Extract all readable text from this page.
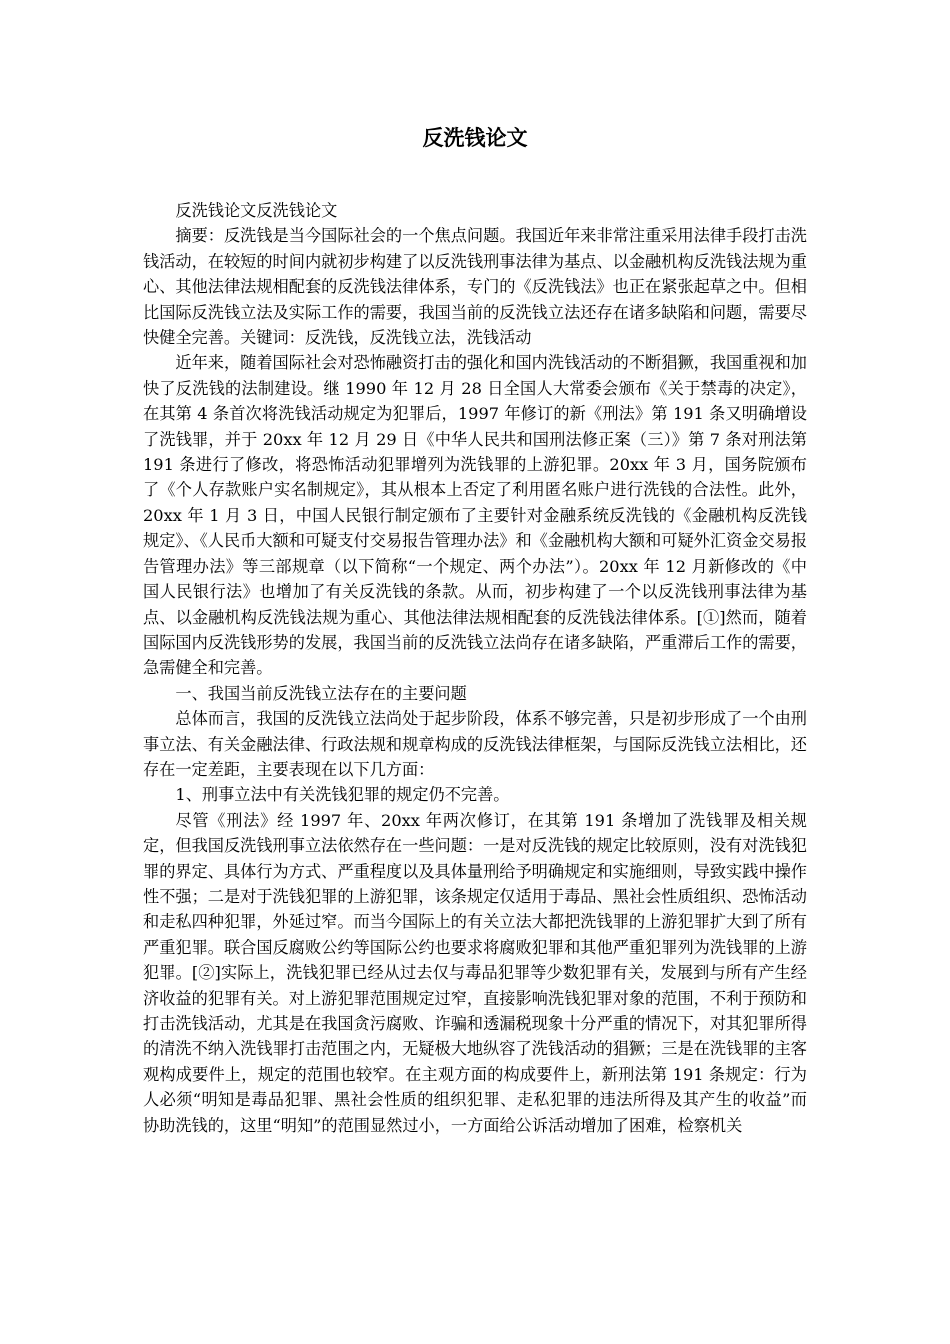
反洗钱论文

反洗钱论文反洗钱论文

摘要：反洗钱是当今国际社会的一个焦点问题。我国近年来非常注重采用法律手段打击洗钱活动，在较短的时间内就初步构建了以反洗钱刑事法律为基点、以金融机构反洗钱法规为重心、其他法律法规相配套的反洗钱法律体系，专门的《反洗钱法》也正在紧张起草之中。但相比国际反洗钱立法及实际工作的需要，我国当前的反洗钱立法还存在诸多缺陷和问题，需要尽快健全完善。关键词：反洗钱，反洗钱立法，洗钱活动

近年来，随着国际社会对恐怖融资打击的强化和国内洗钱活动的不断猖獗，我国重视和加快了反洗钱的法制建设。继 1990 年 12 月 28 日全国人大常委会颁布《关于禁毒的决定》，在其第 4 条首次将洗钱活动规定为犯罪后，1997 年修订的新《刑法》第 191 条又明确增设了洗钱罪，并于 20xx 年 12 月 29 日《中华人民共和国刑法修正案（三）》第 7 条对刑法第 191 条进行了修改，将恐怖活动犯罪增列为洗钱罪的上游犯罪。20xx 年 3 月，国务院颁布了《个人存款账户实名制规定》，其从根本上否定了利用匿名账户进行洗钱的合法性。此外，20xx 年 1 月 3 日，中国人民银行制定颁布了主要针对金融系统反洗钱的《金融机构反洗钱规定》、《人民币大额和可疑支付交易报告管理办法》和《金融机构大额和可疑外汇资金交易报告管理办法》等三部规章（以下简称“一个规定、两个办法”）。20xx 年 12 月新修改的《中国人民银行法》也增加了有关反洗钱的条款。从而，初步构建了一个以反洗钱刑事法律为基点、以金融机构反洗钱法规为重心、其他法律法规相配套的反洗钱法律体系。[①]然而，随着国际国内反洗钱形势的发展，我国当前的反洗钱立法尚存在诸多缺陷，严重滞后工作的需要，急需健全和完善。

一、我国当前反洗钱立法存在的主要问题

总体而言，我国的反洗钱立法尚处于起步阶段，体系不够完善，只是初步形成了一个由刑事立法、有关金融法律、行政法规和规章构成的反洗钱法律框架，与国际反洗钱立法相比，还存在一定差距，主要表现在以下几方面：

1、刑事立法中有关洗钱犯罪的规定仍不完善。

尽管《刑法》经 1997 年、20xx 年两次修订，在其第 191 条增加了洗钱罪及相关规定，但我国反洗钱刑事立法依然存在一些问题：一是对反洗钱的规定比较原则，没有对洗钱犯罪的界定、具体行为方式、严重程度以及具体量刑给予明确规定和实施细则，导致实践中操作性不强；二是对于洗钱犯罪的上游犯罪，该条规定仅适用于毒品、黑社会性质组织、恐怖活动和走私四种犯罪，外延过窄。而当今国际上的有关立法大都把洗钱罪的上游犯罪扩大到了所有严重犯罪。联合国反腐败公约等国际公约也要求将腐败犯罪和其他严重犯罪列为洗钱罪的上游犯罪。[②]实际上，洗钱犯罪已经从过去仅与毒品犯罪等少数犯罪有关，发展到与所有产生经济收益的犯罪有关。对上游犯罪范围规定过窄，直接影响洗钱犯罪对象的范围，不利于预防和打击洗钱活动，尤其是在我国贪污腐败、诈骗和透漏税现象十分严重的情况下，对其犯罪所得的清洗不纳入洗钱罪打击范围之内，无疑极大地纵容了洗钱活动的猖獗；三是在洗钱罪的主客观构成要件上，规定的范围也较窄。在主观方面的构成要件上，新刑法第 191 条规定：行为人必须“明知是毒品犯罪、黑社会性质的组织犯罪、走私犯罪的违法所得及其产生的收益”而协助洗钱的，这里“明知”的范围显然过小，一方面给公诉活动增加了困难，检察机关
